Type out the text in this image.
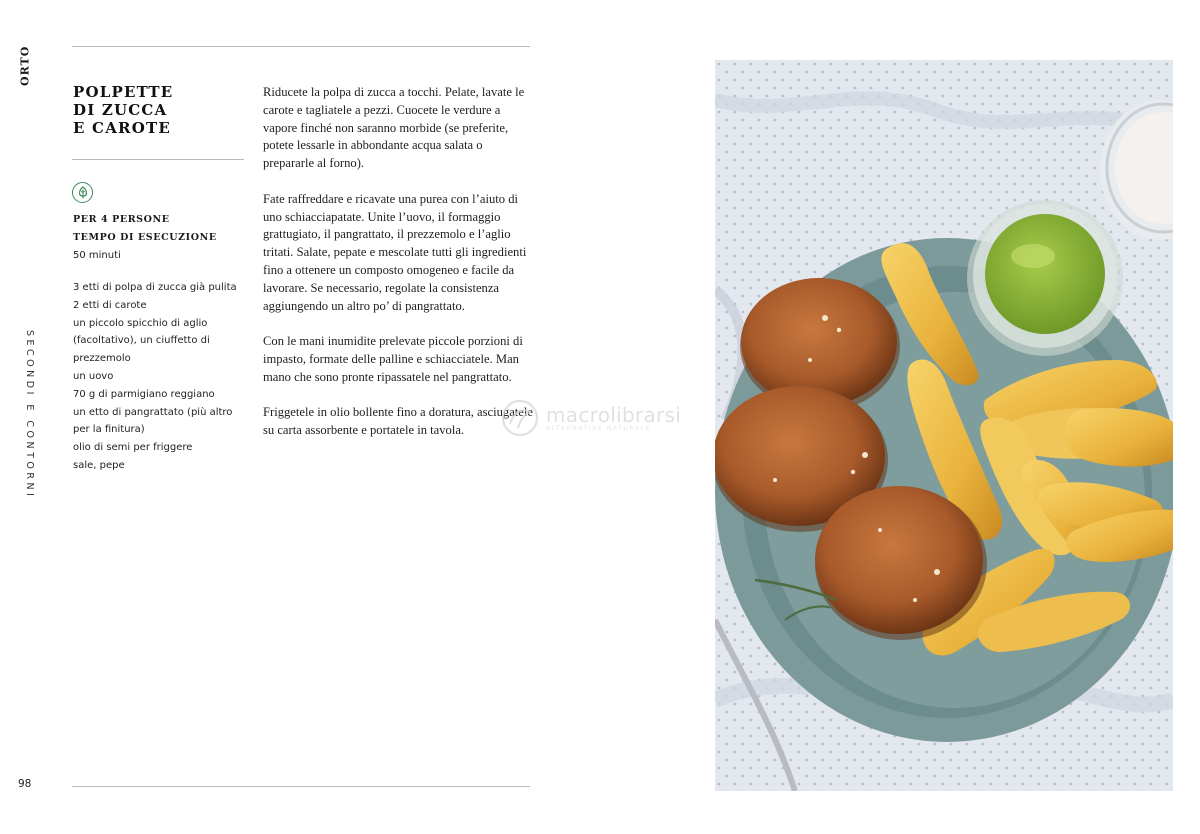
ORTO
SECONDI E CONTORNI
POLPETTE
DI ZUCCA
E CAROTE
PER 4 PERSONE
TEMPO DI ESECUZIONE
50 minuti
3 etti di polpa di zucca già pulita
2 etti di carote
un piccolo spicchio di aglio
(facoltativo), un ciuffetto di
prezzemolo
un uovo
70 g di parmigiano reggiano
un etto di pangrattato (più altro
per la finitura)
olio di semi per friggere
sale, pepe

Riducete la polpa di zucca a tocchi. Pelate, lavate le carote e tagliatele a pezzi. Cuocete le verdure a vapore finché non saranno morbide (se preferite, potete lessarle in abbondante acqua salata o prepararle al forno).

Fate raffreddare e ricavate una purea con l’aiuto di uno schiacciapatate. Unite l’uovo, il formaggio grattugiato, il pangrattato, il prezzemolo e l’aglio tritati. Salate, pepate e mescolate tutti gli ingredienti fino a ottenere un composto omogeneo e facile da lavorare. Se necessario, regolate la consistenza aggiungendo un altro po’ di pangrattato.

Con le mani inumidite prelevate piccole porzioni di impasto, formate delle palline e schiacciatele. Man mano che sono pronte ripassatele nel pangrattato.

Friggetele in olio bollente fino a doratura, asciugatele su carta assorbente e portatele in tavola.

macrolibrarsi
ALTERNATIVE NATURALE
98
